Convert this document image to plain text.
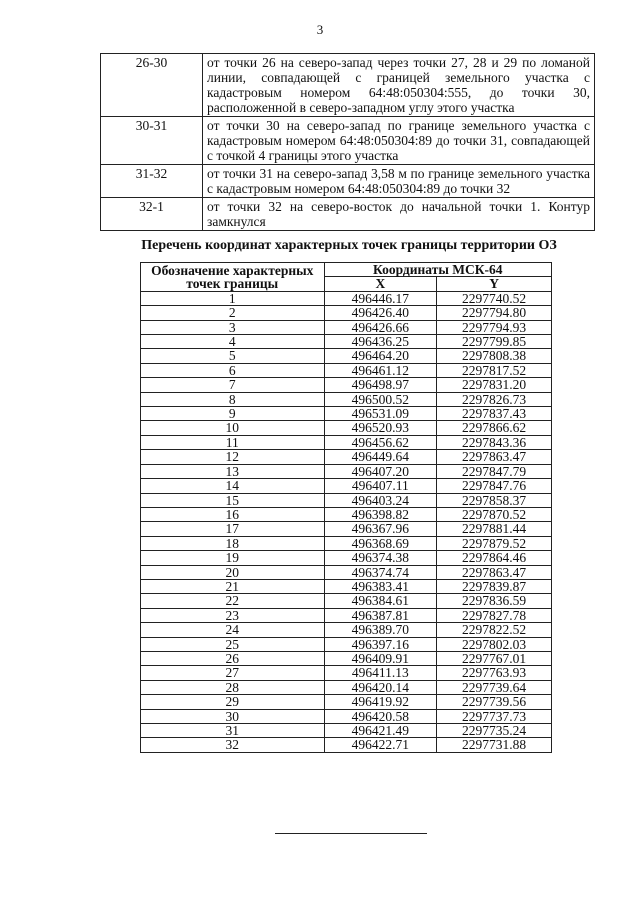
3
26-30	от точки 26 на северо-запад через точки 27, 28 и 29 по ломаной линии, совпадающей с границей земельного участка с кадастровым номером 64:48:050304:555, до точки 30, расположенной в северо-западном углу этого участка
30-31	от точки 30 на северо-запад по границе земельного участка с кадастровым номером 64:48:050304:89 до точки 31, совпадающей с точкой 4 границы этого участка
31-32	от точки 31 на северо-запад 3,58 м по границе земельного участка с кадастровым номером 64:48:050304:89 до точки 32
32-1	от точки 32 на северо-восток до начальной точки 1. Контур замкнулся
Перечень координат характерных точек границы территории ОЗ
Обозначение характерных точек границы	Координаты МСК-64	
	X	Y
1	496446.17	2297740.52
2	496426.40	2297794.80
3	496426.66	2297794.93
4	496436.25	2297799.85
5	496464.20	2297808.38
6	496461.12	2297817.52
7	496498.97	2297831.20
8	496500.52	2297826.73
9	496531.09	2297837.43
10	496520.93	2297866.62
11	496456.62	2297843.36
12	496449.64	2297863.47
13	496407.20	2297847.79
14	496407.11	2297847.76
15	496403.24	2297858.37
16	496398.82	2297870.52
17	496367.96	2297881.44
18	496368.69	2297879.52
19	496374.38	2297864.46
20	496374.74	2297863.47
21	496383.41	2297839.87
22	496384.61	2297836.59
23	496387.81	2297827.78
24	496389.70	2297822.52
25	496397.16	2297802.03
26	496409.91	2297767.01
27	496411.13	2297763.93
28	496420.14	2297739.64
29	496419.92	2297739.56
30	496420.58	2297737.73
31	496421.49	2297735.24
32	496422.71	2297731.88
